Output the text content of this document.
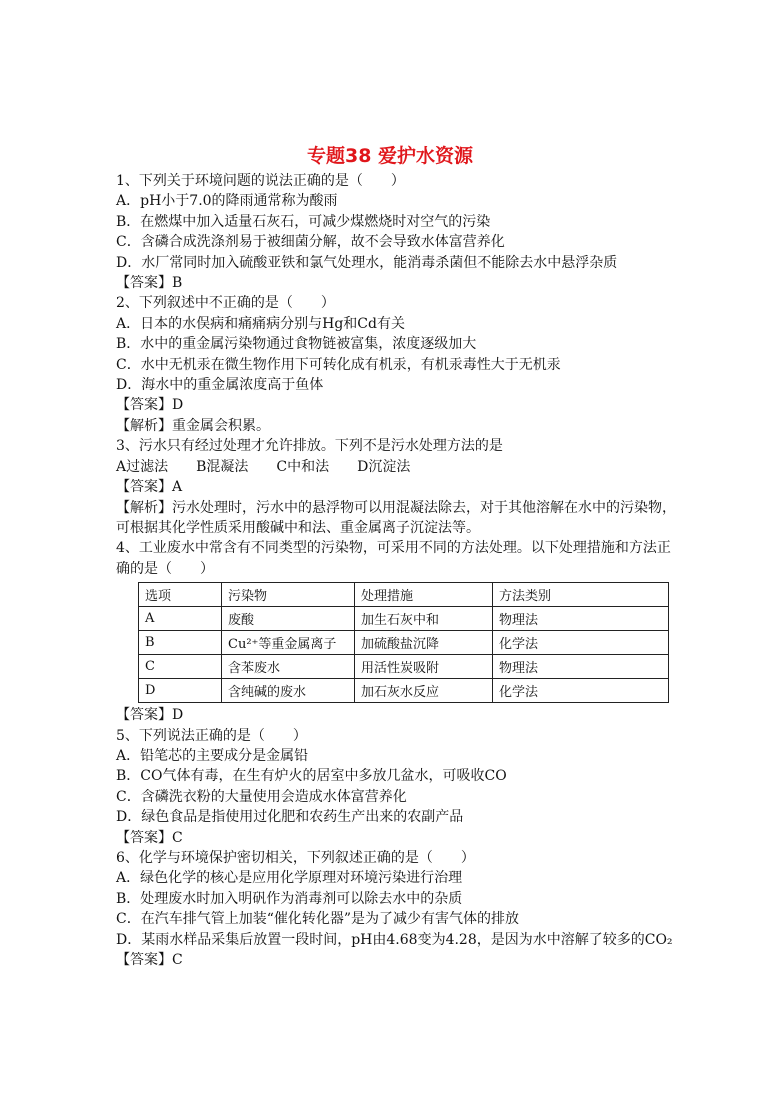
专题38 爱护水资源
1、下列关于环境问题的说法正确的是（　　）
A．pH小于7.0的降雨通常称为酸雨
B．在燃煤中加入适量石灰石，可减少煤燃烧时对空气的污染
C．含磷合成洗涤剂易于被细菌分解，故不会导致水体富营养化
D．水厂常同时加入硫酸亚铁和氯气处理水，能消毒杀菌但不能除去水中悬浮杂质
【答案】B
2、下列叙述中不正确的是（　　）
A．日本的水俣病和痛痛病分别与Hg和Cd有关
B．水中的重金属污染物通过食物链被富集，浓度逐级加大
C．水中无机汞在微生物作用下可转化成有机汞，有机汞毒性大于无机汞
D．海水中的重金属浓度高于鱼体
【答案】D
【解析】重金属会积累。
3、污水只有经过处理才允许排放。下列不是污水处理方法的是
A过滤法　　B混凝法　　C中和法　　D沉淀法
【答案】A
【解析】污水处理时，污水中的悬浮物可以用混凝法除去，对于其他溶解在水中的污染物，可根据其化学性质采用酸碱中和法、重金属离子沉淀法等。
4、工业废水中常含有不同类型的污染物，可采用不同的方法处理。以下处理措施和方法正确的是（　　）
选项	污染物	处理措施	方法类别
A	废酸	加生石灰中和	物理法
B	Cu²⁺等重金属离子	加硫酸盐沉降	化学法
C	含苯废水	用活性炭吸附	物理法
D	含纯碱的废水	加石灰水反应	化学法
【答案】D
5、下列说法正确的是（　　）
A．铅笔芯的主要成分是金属铅
B．CO气体有毒，在生有炉火的居室中多放几盆水，可吸收CO
C．含磷洗衣粉的大量使用会造成水体富营养化
D．绿色食品是指使用过化肥和农药生产出来的农副产品
【答案】C
6、化学与环境保护密切相关，下列叙述正确的是（　　）
A．绿色化学的核心是应用化学原理对环境污染进行治理
B．处理废水时加入明矾作为消毒剂可以除去水中的杂质
C．在汽车排气管上加装“催化转化器”是为了减少有害气体的排放
D．某雨水样品采集后放置一段时间，pH由4.68变为4.28，是因为水中溶解了较多的CO₂
【答案】C
